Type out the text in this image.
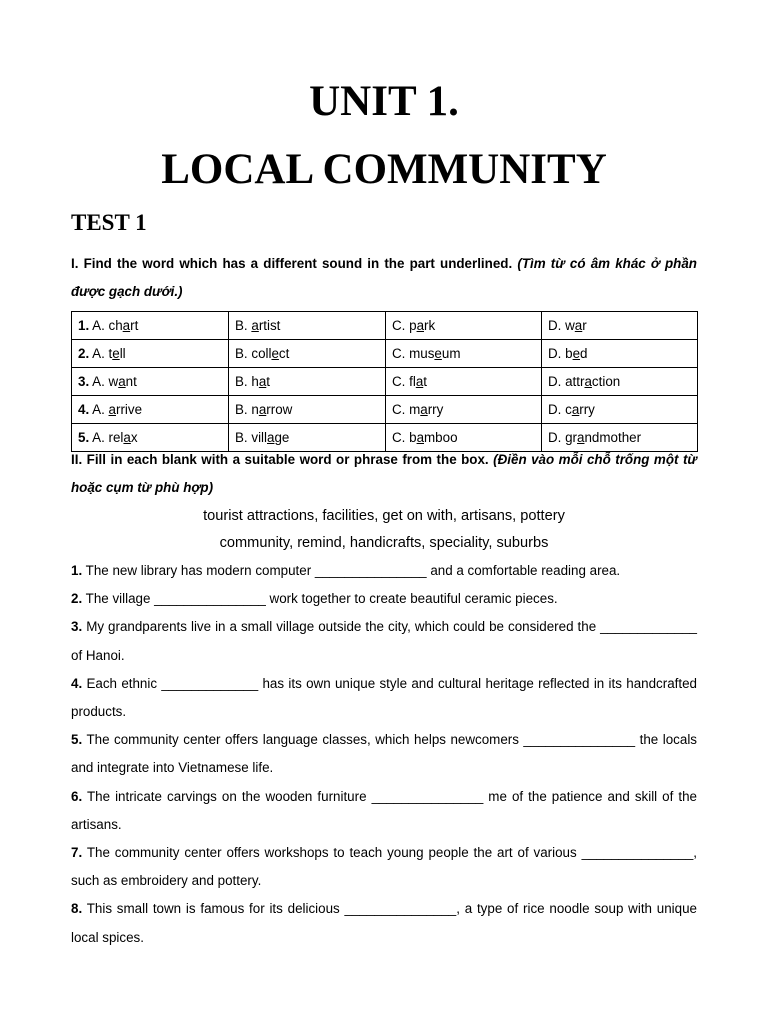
UNIT 1.
LOCAL COMMUNITY
TEST 1
I. Find the word which has a different sound in the part underlined. (Tìm từ có âm khác ở phần được gạch dưới.)
1. A. chart	B. artist	C. park	D. war
2. A. tell	B. collect	C. museum	D. bed
3. A. want	B. hat	C. flat	D. attraction
4. A. arrive	B. narrow	C. marry	D. carry
5. A. relax	B. village	C. bamboo	D. grandmother
II. Fill in each blank with a suitable word or phrase from the box. (Điền vào mỗi chỗ trống một từ hoặc cụm từ phù hợp)
tourist attractions, facilities, get on with, artisans, pottery
community, remind, handicrafts, speciality, suburbs

1. The new library has modern computer _______________ and a comfortable reading area.

2. The village _______________ work together to create beautiful ceramic pieces.

3. My grandparents live in a small village outside the city, which could be considered the _____________ of Hanoi.

4. Each ethnic _____________ has its own unique style and cultural heritage reflected in its handcrafted products.

5. The community center offers language classes, which helps newcomers _______________ the locals and integrate into Vietnamese life.

6. The intricate carvings on the wooden furniture _______________ me of the patience and skill of the artisans.

7. The community center offers workshops to teach young people the art of various _______________, such as embroidery and pottery.

8. This small town is famous for its delicious _______________, a type of rice noodle soup with unique local spices.
